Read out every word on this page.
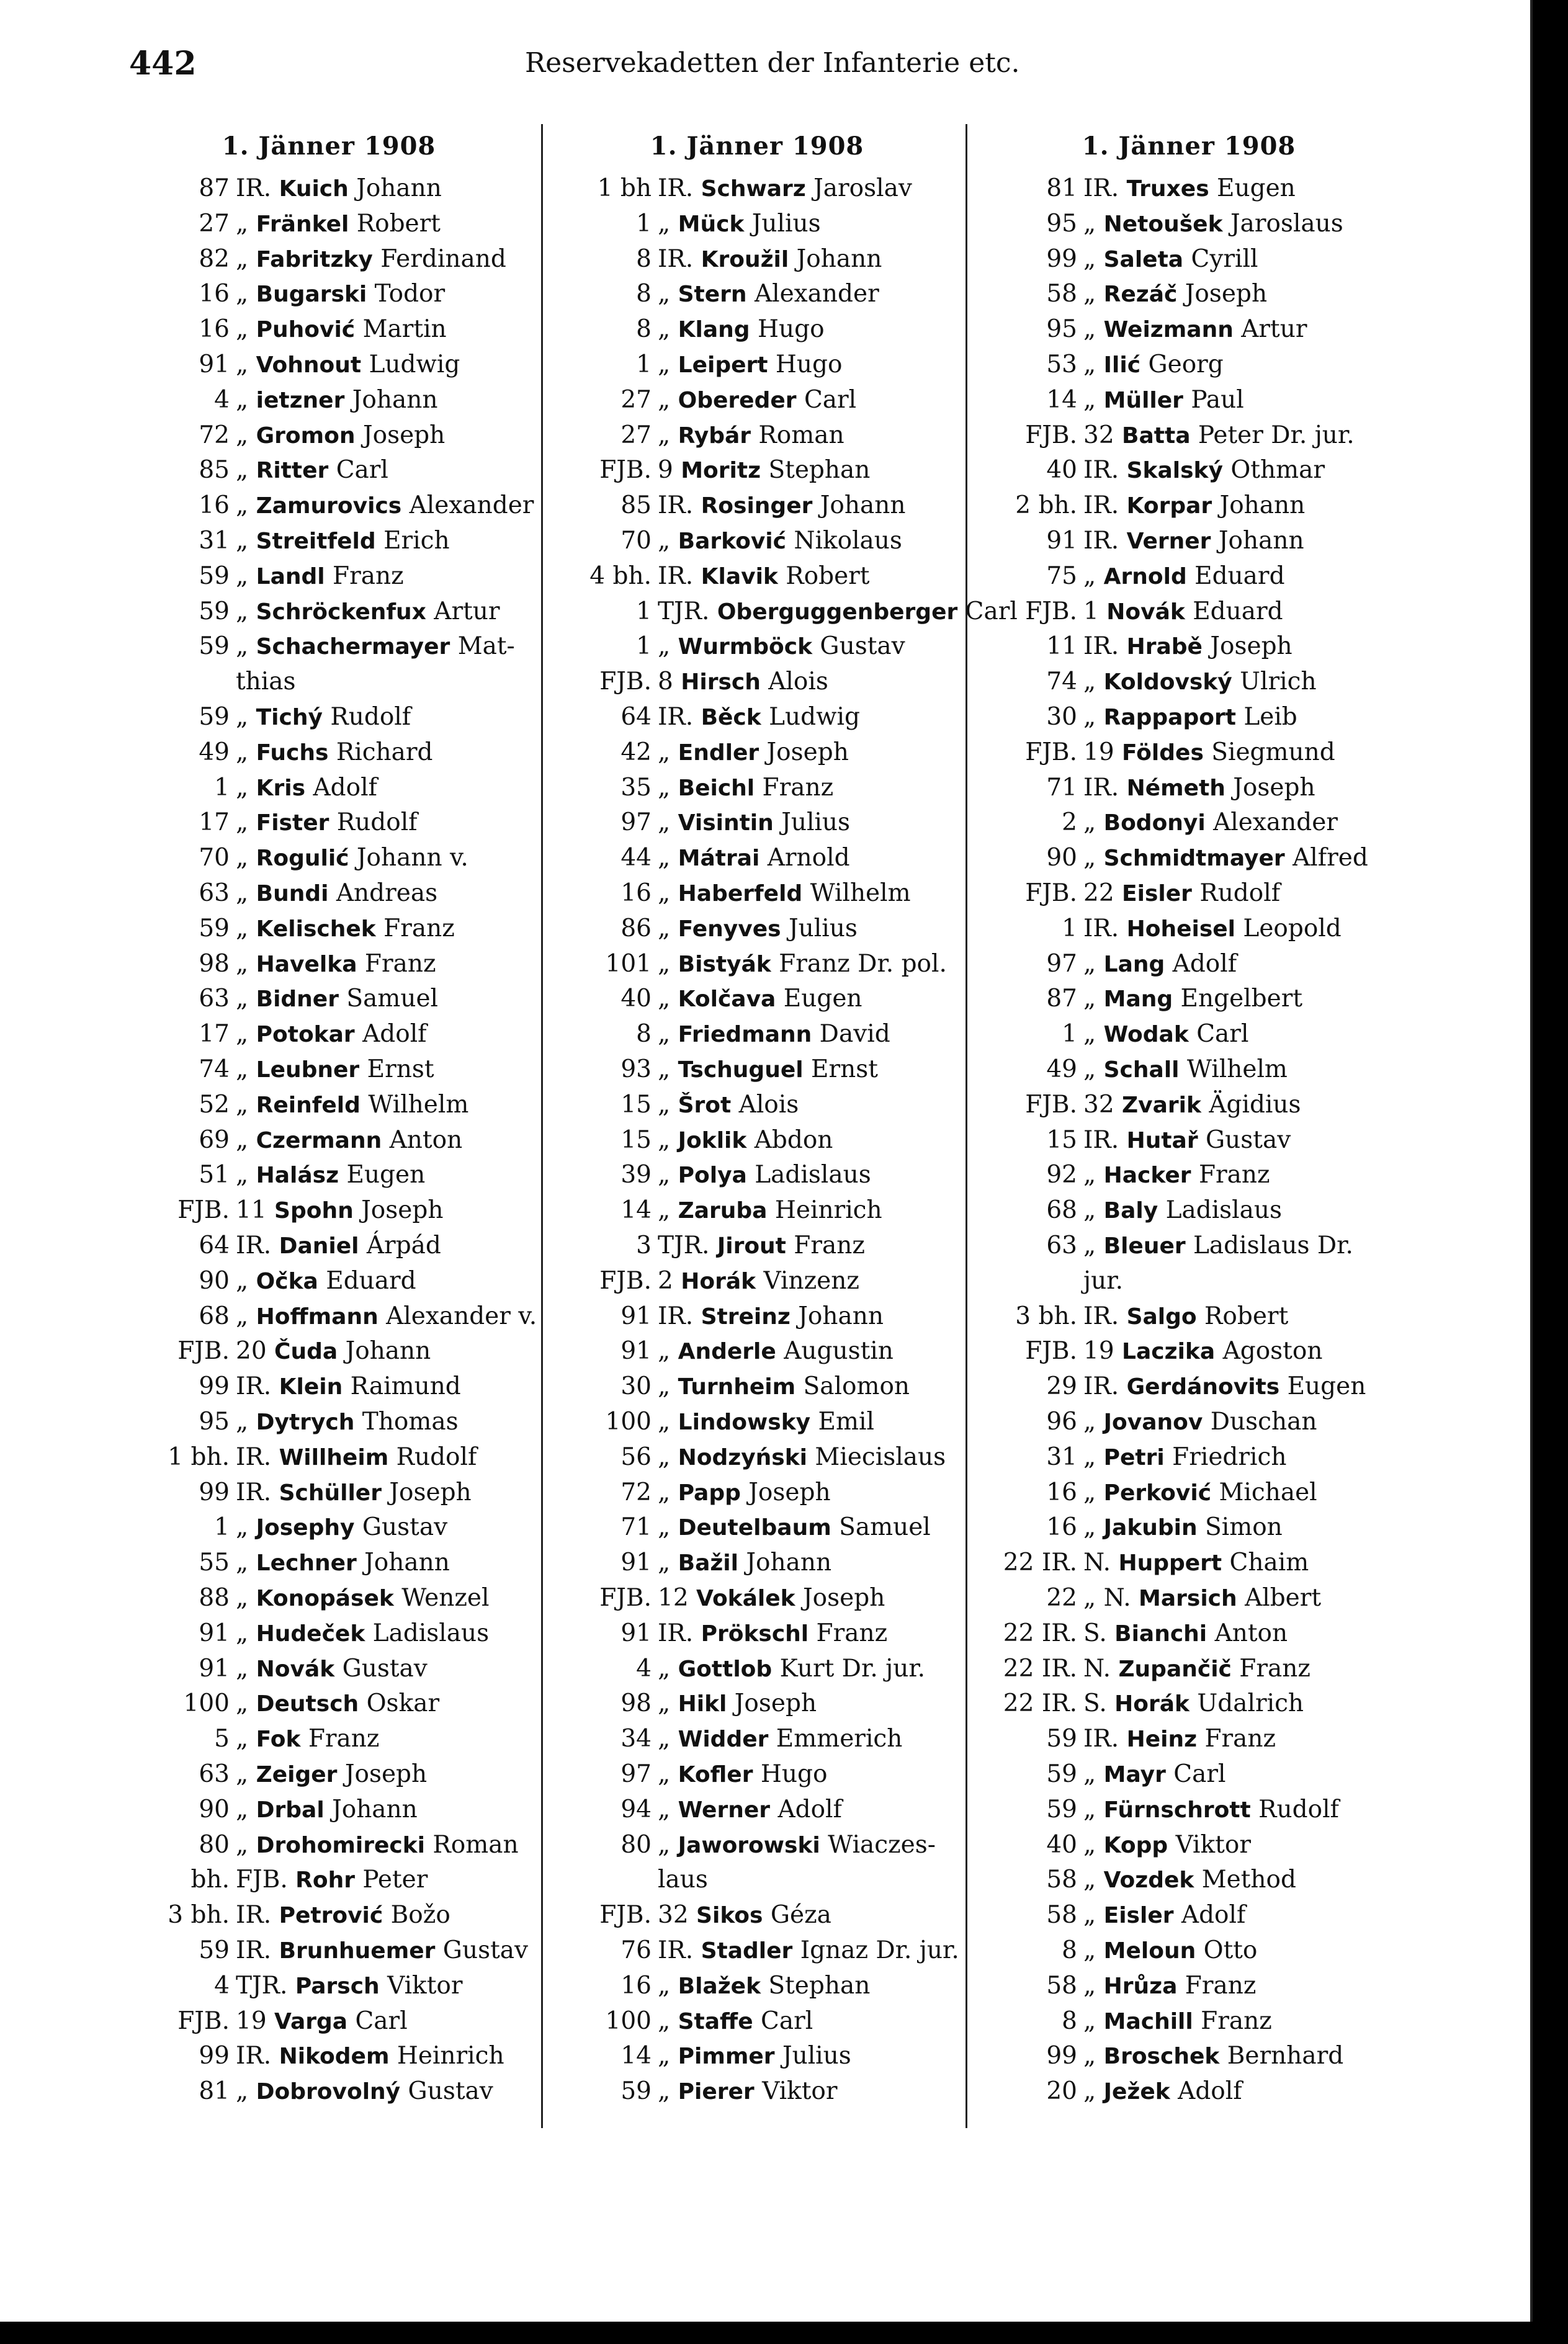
442	Reservekadetten der Infanterie etc.
1. Jänner 1908
87 IR. Kuich Johann
27 „ Fränkel Robert
82 „ Fabritzky Ferdinand
16 „ Bugarski Todor
16 „ Puhović Martin
91 „ Vohnout Ludwig
4 „ ietzner Johann
72 „ Gromon Joseph
85 „ Ritter Carl
16 „ Zamurovics Alexander
31 „ Streitfeld Erich
59 „ Landl Franz
59 „ Schröckenfux Artur
59 „ Schachermayer Mat-
thias
59 „ Tichý Rudolf
49 „ Fuchs Richard
1 „ Kris Adolf
17 „ Fister Rudolf
70 „ Rogulić Johann v.
63 „ Bundi Andreas
59 „ Kelischek Franz
98 „ Havelka Franz
63 „ Bidner Samuel
17 „ Potokar Adolf
74 „ Leubner Ernst
52 „ Reinfeld Wilhelm
69 „ Czermann Anton
51 „ Halász Eugen
FJB. 11 Spohn Joseph
64 IR. Daniel Árpád
90 „ Očka Eduard
68 „ Hoffmann Alexander v.
FJB. 20 Čuda Johann
99 IR. Klein Raimund
95 „ Dytrych Thomas
1 bh. IR. Willheim Rudolf
99 IR. Schüller Joseph
1 „ Josephy Gustav
55 „ Lechner Johann
88 „ Konopásek Wenzel
91 „ Hudeček Ladislaus
91 „ Novák Gustav
100 „ Deutsch Oskar
5 „ Fok Franz
63 „ Zeiger Joseph
90 „ Drbal Johann
80 „ Drohomirecki Roman
bh. FJB. Rohr Peter
3 bh. IR. Petrović Božo
59 IR. Brunhuemer Gustav
4 TJR. Parsch Viktor
FJB. 19 Varga Carl
99 IR. Nikodem Heinrich
81 „ Dobrovolný Gustav
1. Jänner 1908
1 bh IR. Schwarz Jaroslav
1 „ Mück Julius
8 IR. Kroužil Johann
8 „ Stern Alexander
8 „ Klang Hugo
1 „ Leipert Hugo
27 „ Obereder Carl
27 „ Rybár Roman
FJB. 9 Moritz Stephan
85 IR. Rosinger Johann
70 „ Barković Nikolaus
4 bh. IR. Klavik Robert
1 TJR. Oberguggenberger Carl
1 „ Wurmböck Gustav
FJB. 8 Hirsch Alois
64 IR. Běck Ludwig
42 „ Endler Joseph
35 „ Beichl Franz
97 „ Visintin Julius
44 „ Mátrai Arnold
16 „ Haberfeld Wilhelm
86 „ Fenyves Julius
101 „ Bistyák Franz Dr. pol.
40 „ Kolčava Eugen
8 „ Friedmann David
93 „ Tschuguel Ernst
15 „ Šrot Alois
15 „ Joklik Abdon
39 „ Polya Ladislaus
14 „ Zaruba Heinrich
3 TJR. Jirout Franz
FJB. 2 Horák Vinzenz
91 IR. Streinz Johann
91 „ Anderle Augustin
30 „ Turnheim Salomon
100 „ Lindowsky Emil
56 „ Nodzyński Miecislaus
72 „ Papp Joseph
71 „ Deutelbaum Samuel
91 „ Bažil Johann
FJB. 12 Vokálek Joseph
91 IR. Prökschl Franz
4 „ Gottlob Kurt Dr. jur.
98 „ Hikl Joseph
34 „ Widder Emmerich
97 „ Kofler Hugo
94 „ Werner Adolf
80 „ Jaworowski Wiaczes-
laus
FJB. 32 Sikos Géza
76 IR. Stadler Ignaz Dr. jur.
16 „ Blažek Stephan
100 „ Staffe Carl
14 „ Pimmer Julius
59 „ Pierer Viktor
1. Jänner 1908
81 IR. Truxes Eugen
95 „ Netoušek Jaroslaus
99 „ Saleta Cyrill
58 „ Rezáč Joseph
95 „ Weizmann Artur
53 „ Ilić Georg
14 „ Müller Paul
FJB. 32 Batta Peter Dr. jur.
40 IR. Skalský Othmar
2 bh. IR. Korpar Johann
91 IR. Verner Johann
75 „ Arnold Eduard
FJB. 1 Novák Eduard
11 IR. Hrabě Joseph
74 „ Koldovský Ulrich
30 „ Rappaport Leib
FJB. 19 Földes Siegmund
71 IR. Németh Joseph
2 „ Bodonyi Alexander
90 „ Schmidtmayer Alfred
FJB. 22 Eisler Rudolf
1 IR. Hoheisel Leopold
97 „ Lang Adolf
87 „ Mang Engelbert
1 „ Wodak Carl
49 „ Schall Wilhelm
FJB. 32 Zvarik Ägidius
15 IR. Hutař Gustav
92 „ Hacker Franz
68 „ Baly Ladislaus
63 „ Bleuer Ladislaus Dr.
jur.
3 bh. IR. Salgo Robert
FJB. 19 Laczika Agoston
29 IR. Gerdánovits Eugen
96 „ Jovanov Duschan
31 „ Petri Friedrich
16 „ Perković Michael
16 „ Jakubin Simon
22 IR. N. Huppert Chaim
22 „ N. Marsich Albert
22 IR. S. Bianchi Anton
22 IR. N. Zupančič Franz
22 IR. S. Horák Udalrich
59 IR. Heinz Franz
59 „ Mayr Carl
59 „ Fürnschrott Rudolf
40 „ Kopp Viktor
58 „ Vozdek Method
58 „ Eisler Adolf
8 „ Meloun Otto
58 „ Hrůza Franz
8 „ Machill Franz
99 „ Broschek Bernhard
20 „ Ježek Adolf
